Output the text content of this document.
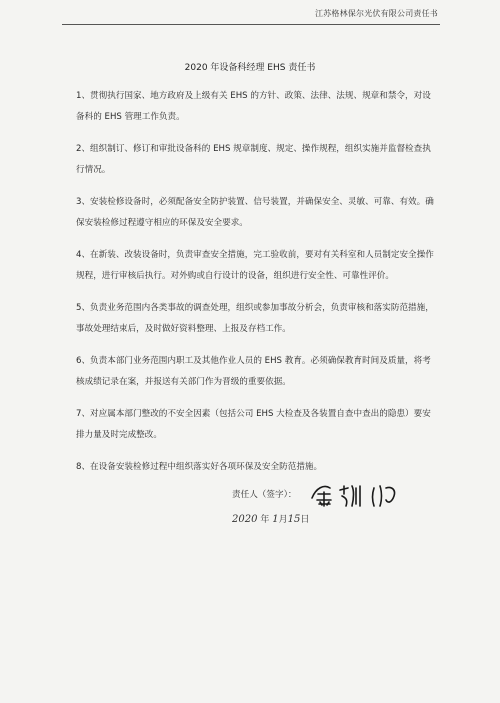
江苏格林保尔光伏有限公司责任书
2020 年设备科经理 EHS 责任书

1、贯彻执行国家、地方政府及上级有关 EHS 的方针、政策、法律、法规、规章和禁令，对设备科的 EHS 管理工作负责。

2、组织制订、修订和审批设备科的 EHS 规章制度、规定、操作规程，组织实施并监督检查执行情况。

3、安装检修设备时，必须配备安全防护装置、信号装置，并确保安全、灵敏、可靠、有效。确保安装检修过程遵守相应的环保及安全要求。

4、在新装、改装设备时，负责审查安全措施，完工验收前，要对有关科室和人员制定安全操作规程，进行审核后执行。对外购或自行设计的设备，组织进行安全性、可靠性评价。

5、负责业务范围内各类事故的调查处理，组织或参加事故分析会，负责审核和落实防范措施，事故处理结束后，及时做好资料整理、上报及存档工作。

6、负责本部门业务范围内职工及其他作业人员的 EHS 教育。必须确保教育时间及质量，将考核成绩记录在案，并报送有关部门作为晋级的重要依据。

7、对应属本部门整改的不安全因素（包括公司 EHS 大检查及各装置自查中查出的隐患）要安排力量及时完成整改。

8、在设备安装检修过程中组织落实好各项环保及安全防范措施。

责任人（签字）：
2020 年 1月15日
